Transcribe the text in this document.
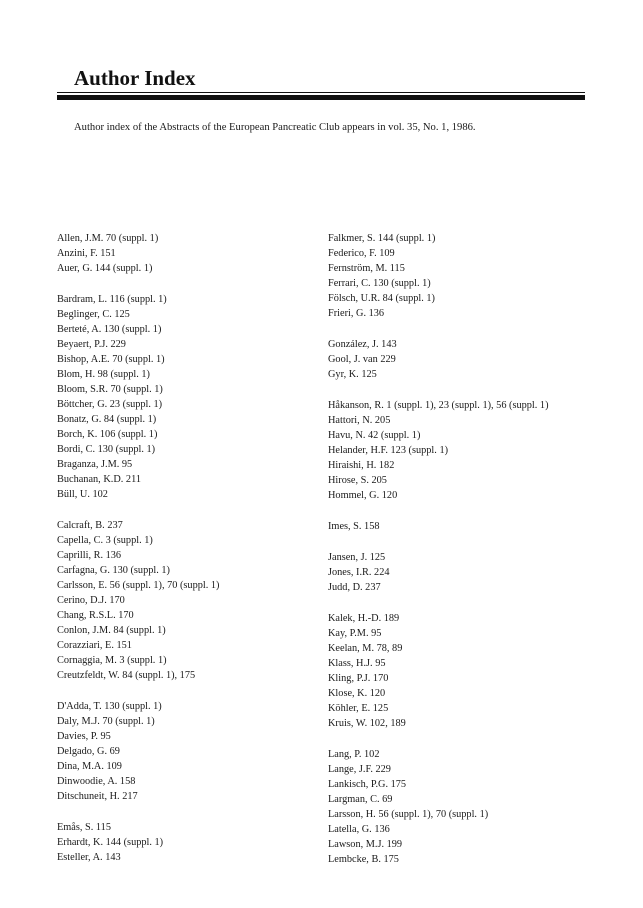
Author Index

Author index of the Abstracts of the European Pancreatic Club appears in vol. 35, No. 1, 1986.

Allen, J.M. 70 (suppl. 1)
Anzini, F. 151
Auer, G. 144 (suppl. 1)
Bardram, L. 116 (suppl. 1)
Beglinger, C. 125
Berteté, A. 130 (suppl. 1)
Beyaert, P.J. 229
Bishop, A.E. 70 (suppl. 1)
Blom, H. 98 (suppl. 1)
Bloom, S.R. 70 (suppl. 1)
Böttcher, G. 23 (suppl. 1)
Bonatz, G. 84 (suppl. 1)
Borch, K. 106 (suppl. 1)
Bordi, C. 130 (suppl. 1)
Braganza, J.M. 95
Buchanan, K.D. 211
Büll, U. 102
Calcraft, B. 237
Capella, C. 3 (suppl. 1)
Caprilli, R. 136
Carfagna, G. 130 (suppl. 1)
Carlsson, E. 56 (suppl. 1), 70 (suppl. 1)
Cerino, D.J. 170
Chang, R.S.L. 170
Conlon, J.M. 84 (suppl. 1)
Corazziari, E. 151
Cornaggia, M. 3 (suppl. 1)
Creutzfeldt, W. 84 (suppl. 1), 175
D'Adda, T. 130 (suppl. 1)
Daly, M.J. 70 (suppl. 1)
Davies, P. 95
Delgado, G. 69
Dina, M.A. 109
Dinwoodie, A. 158
Ditschuneit, H. 217
Emås, S. 115
Erhardt, K. 144 (suppl. 1)
Esteller, A. 143
Falkmer, S. 144 (suppl. 1)
Federico, F. 109
Fernström, M. 115
Ferrari, C. 130 (suppl. 1)
Fölsch, U.R. 84 (suppl. 1)
Frieri, G. 136
González, J. 143
Gool, J. van 229
Gyr, K. 125
Håkanson, R. 1 (suppl. 1), 23 (suppl. 1), 56 (suppl. 1)
Hattori, N. 205
Havu, N. 42 (suppl. 1)
Helander, H.F. 123 (suppl. 1)
Hiraishi, H. 182
Hirose, S. 205
Hommel, G. 120
Imes, S. 158
Jansen, J. 125
Jones, I.R. 224
Judd, D. 237
Kalek, H.-D. 189
Kay, P.M. 95
Keelan, M. 78, 89
Klass, H.J. 95
Kling, P.J. 170
Klose, K. 120
Köhler, E. 125
Kruis, W. 102, 189
Lang, P. 102
Lange, J.F. 229
Lankisch, P.G. 175
Largman, C. 69
Larsson, H. 56 (suppl. 1), 70 (suppl. 1)
Latella, G. 136
Lawson, M.J. 199
Lembcke, B. 175
